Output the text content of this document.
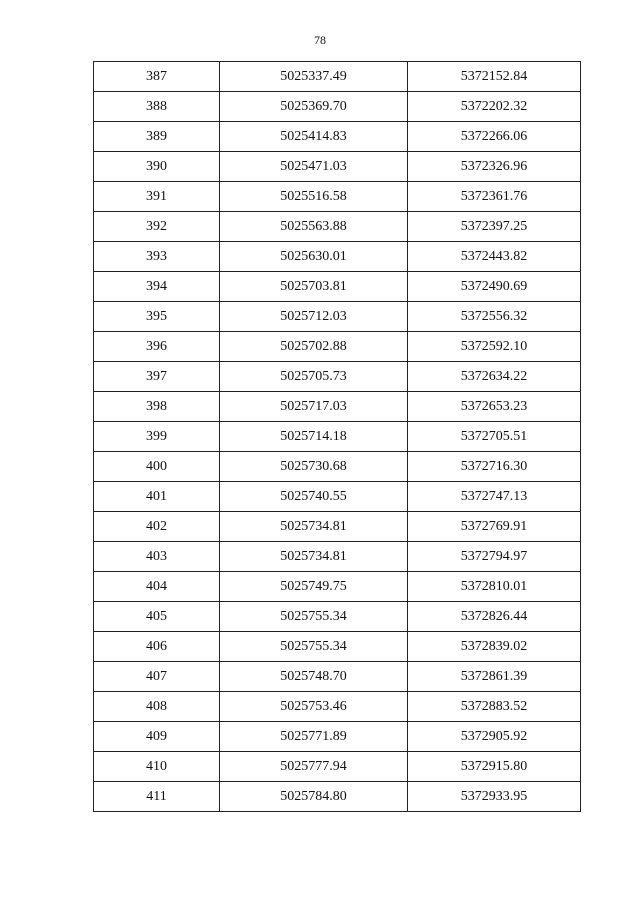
78
387	5025337.49	5372152.84
388	5025369.70	5372202.32
389	5025414.83	5372266.06
390	5025471.03	5372326.96
391	5025516.58	5372361.76
392	5025563.88	5372397.25
393	5025630.01	5372443.82
394	5025703.81	5372490.69
395	5025712.03	5372556.32
396	5025702.88	5372592.10
397	5025705.73	5372634.22
398	5025717.03	5372653.23
399	5025714.18	5372705.51
400	5025730.68	5372716.30
401	5025740.55	5372747.13
402	5025734.81	5372769.91
403	5025734.81	5372794.97
404	5025749.75	5372810.01
405	5025755.34	5372826.44
406	5025755.34	5372839.02
407	5025748.70	5372861.39
408	5025753.46	5372883.52
409	5025771.89	5372905.92
410	5025777.94	5372915.80
411	5025784.80	5372933.95
